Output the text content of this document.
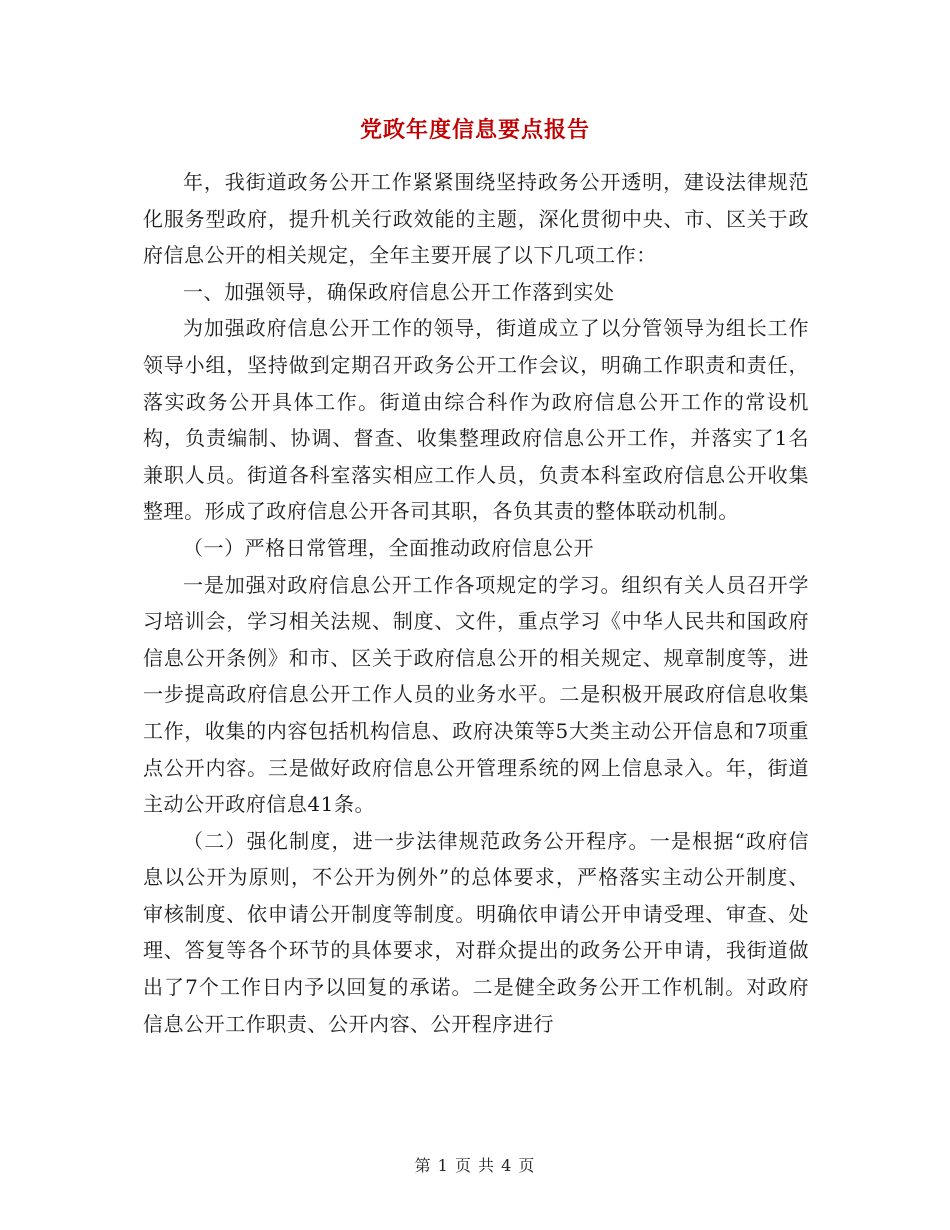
党政年度信息要点报告

年，我街道政务公开工作紧紧围绕坚持政务公开透明，建设法律规范化服务型政府，提升机关行政效能的主题，深化贯彻中央、市、区关于政府信息公开的相关规定，全年主要开展了以下几项工作：

一、加强领导，确保政府信息公开工作落到实处

为加强政府信息公开工作的领导，街道成立了以分管领导为组长工作领导小组，坚持做到定期召开政务公开工作会议，明确工作职责和责任，落实政务公开具体工作。街道由综合科作为政府信息公开工作的常设机构，负责编制、协调、督查、收集整理政府信息公开工作，并落实了1名兼职人员。街道各科室落实相应工作人员，负责本科室政府信息公开收集整理。形成了政府信息公开各司其职，各负其责的整体联动机制。

（一）严格日常管理，全面推动政府信息公开

一是加强对政府信息公开工作各项规定的学习。组织有关人员召开学习培训会，学习相关法规、制度、文件，重点学习《中华人民共和国政府信息公开条例》和市、区关于政府信息公开的相关规定、规章制度等，进一步提高政府信息公开工作人员的业务水平。二是积极开展政府信息收集工作，收集的内容包括机构信息、政府决策等5大类主动公开信息和7项重点公开内容。三是做好政府信息公开管理系统的网上信息录入。年，街道主动公开政府信息41条。

（二）强化制度，进一步法律规范政务公开程序。一是根据“政府信息以公开为原则，不公开为例外”的总体要求，严格落实主动公开制度、审核制度、依申请公开制度等制度。明确依申请公开申请受理、审查、处理、答复等各个环节的具体要求，对群众提出的政务公开申请，我街道做出了7个工作日内予以回复的承诺。二是健全政务公开工作机制。对政府信息公开工作职责、公开内容、公开程序进行

第 1 页 共 4 页
